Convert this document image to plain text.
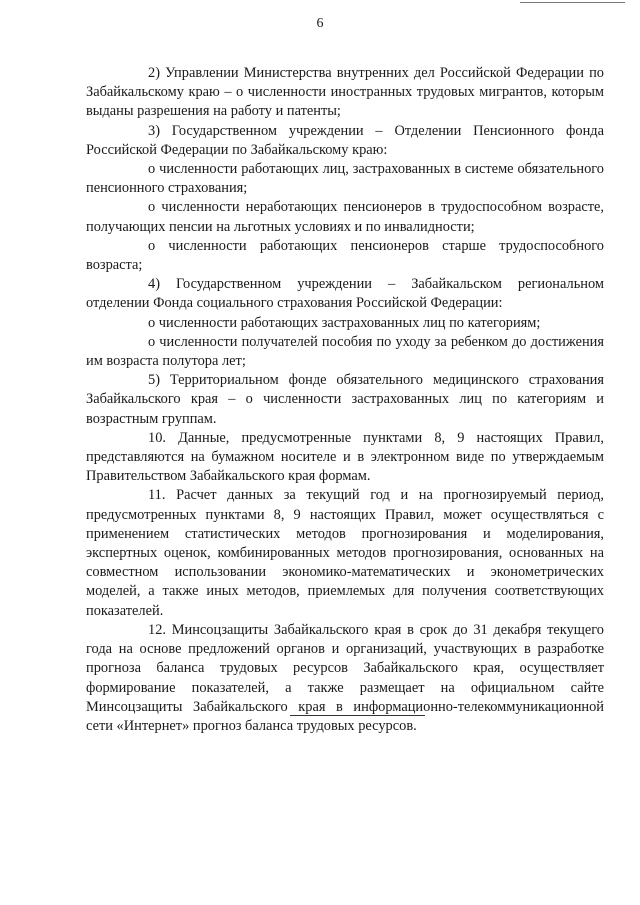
6

2) Управлении Министерства внутренних дел Российской Федерации по Забайкальскому краю – о численности иностранных трудовых мигрантов, которым выданы разрешения на работу и патенты;

3) Государственном учреждении – Отделении Пенсионного фонда Российской Федерации по Забайкальскому краю:

о численности работающих лиц, застрахованных в системе обязательного пенсионного страхования;

о численности неработающих пенсионеров в трудоспособном возрасте, получающих пенсии на льготных условиях и по инвалидности;

о численности работающих пенсионеров старше трудоспособного возраста;

4) Государственном учреждении – Забайкальском региональном отделении Фонда социального страхования Российской Федерации:

о численности работающих застрахованных лиц по категориям;

о численности получателей пособия по уходу за ребенком до достижения им возраста полутора лет;

5) Территориальном фонде обязательного медицинского страхования Забайкальского края – о численности застрахованных лиц по категориям и возрастным группам.

10. Данные, предусмотренные пунктами 8, 9 настоящих Правил, представляются на бумажном носителе и в электронном виде по утверждаемым Правительством Забайкальского края формам.

11. Расчет данных за текущий год и на прогнозируемый период, предусмотренных пунктами 8, 9 настоящих Правил, может осуществляться с применением статистических методов прогнозирования и моделирования, экспертных оценок, комбинированных методов прогнозирования, основанных на совместном использовании экономико-математических и эконометрических моделей, а также иных методов, приемлемых для получения соответствующих показателей.

12. Минсоцзащиты Забайкальского края в срок до 31 декабря текущего года на основе предложений органов и организаций, участвующих в разработке прогноза баланса трудовых ресурсов Забайкальского края, осуществляет формирование показателей, а также размещает на официальном сайте Минсоцзащиты Забайкальского края в информационно-телекоммуникационной сети «Интернет» прогноз баланса трудовых ресурсов.
